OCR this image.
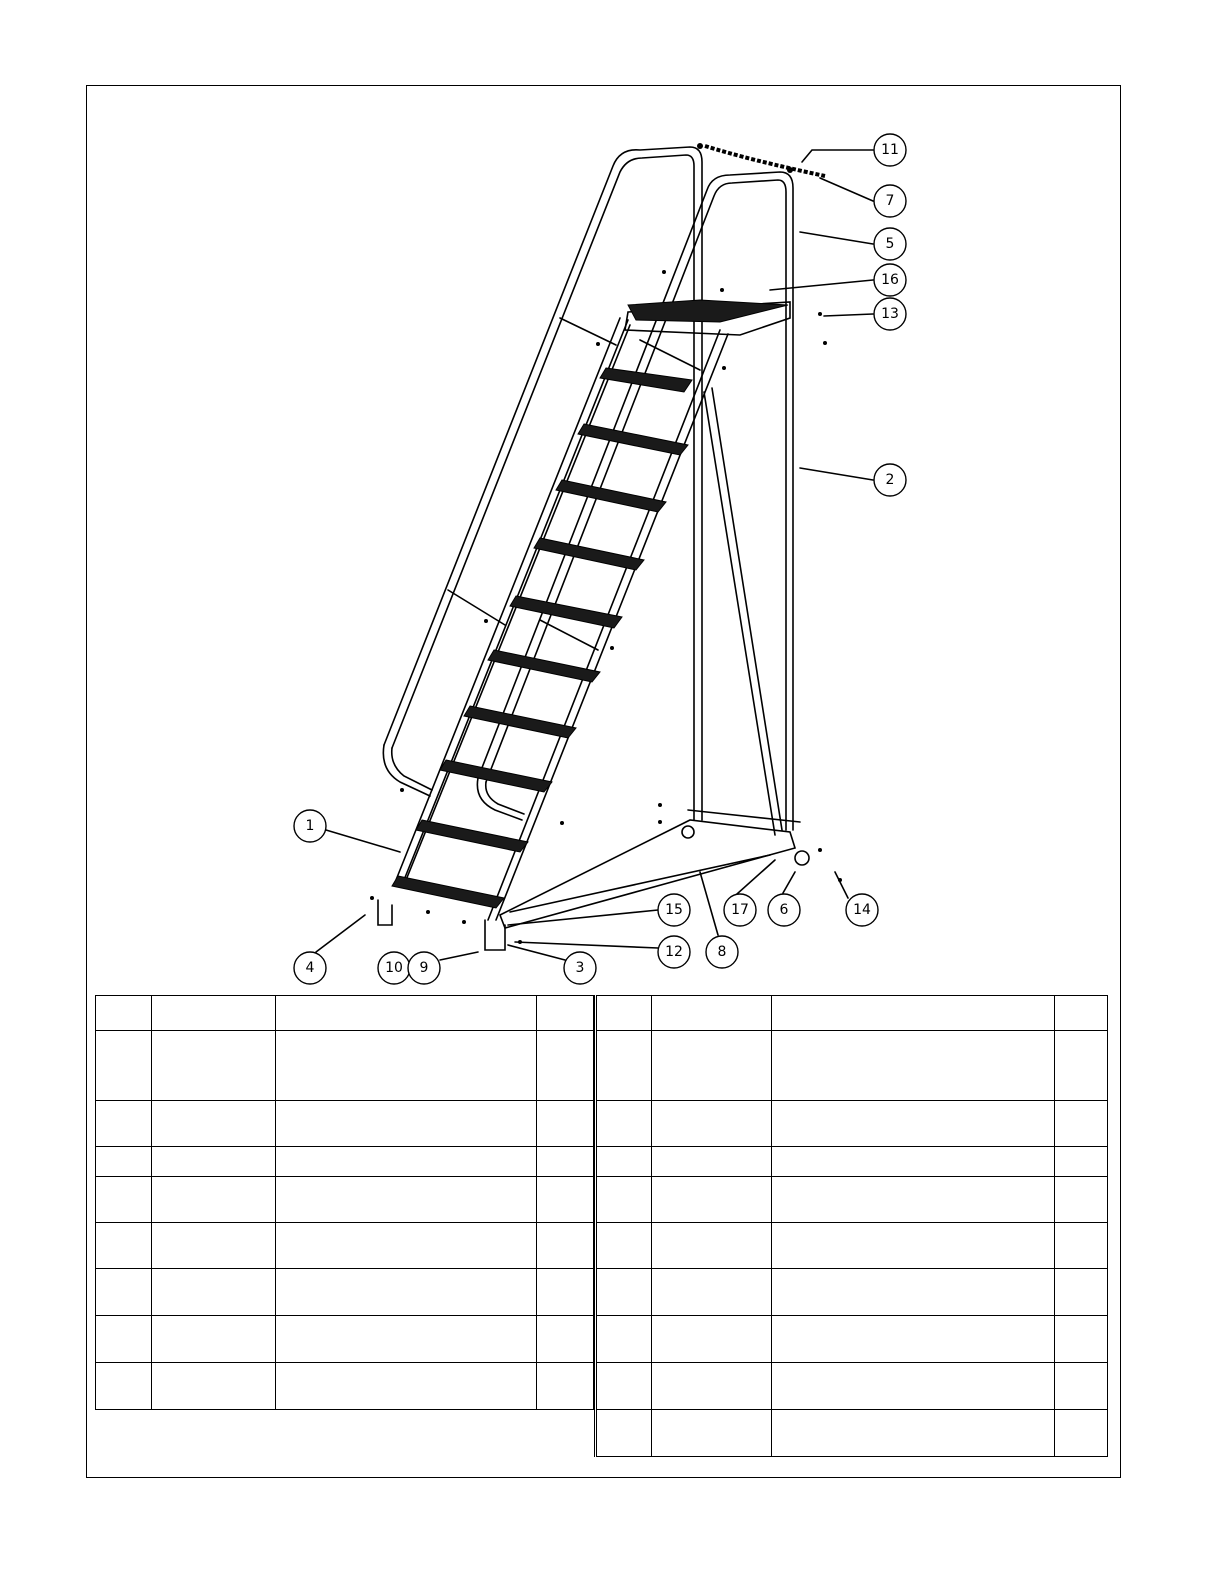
11
7
5
16
13
2
1
15	17 6	14
12 8
4	10 9	3
